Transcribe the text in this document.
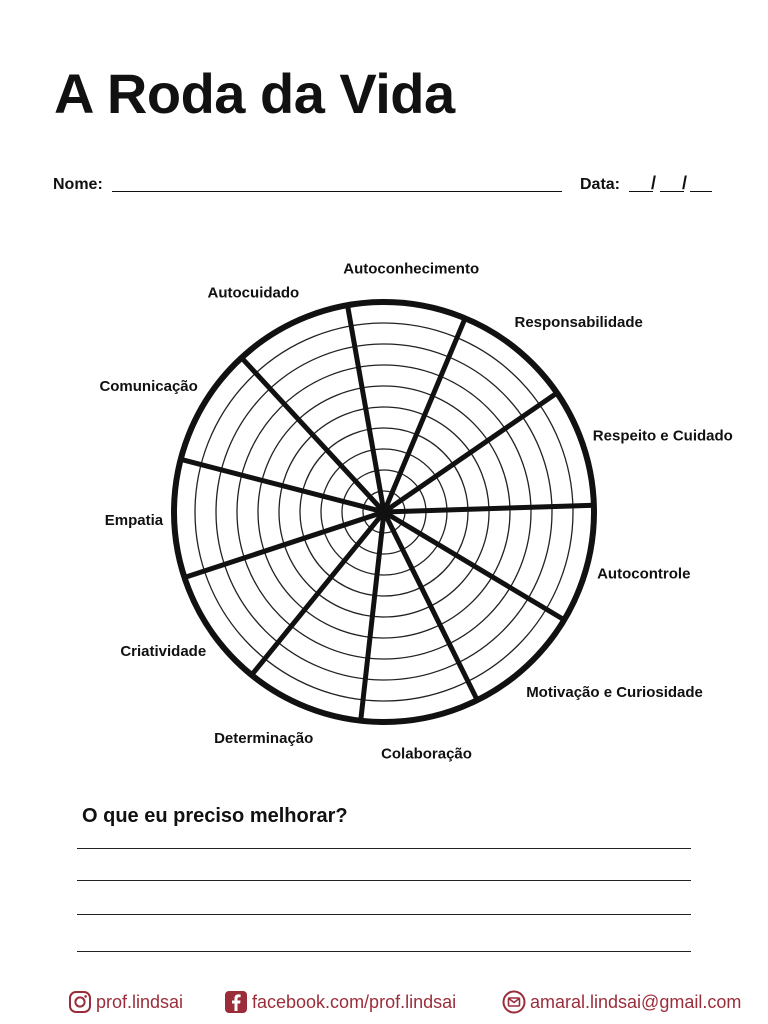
A Roda da Vida
Nome:	Data: / /
Autoconhecimento
Responsabilidade
Respeito e Cuidado
Autocontrole
Motivação e Curiosidade
Colaboração
Determinação
Criatividade
Empatia
Comunicação
Autocuidado
O que eu preciso melhorar?
prof.lindsai	facebook.com/prof.lindsai	amaral.lindsai@gmail.com
